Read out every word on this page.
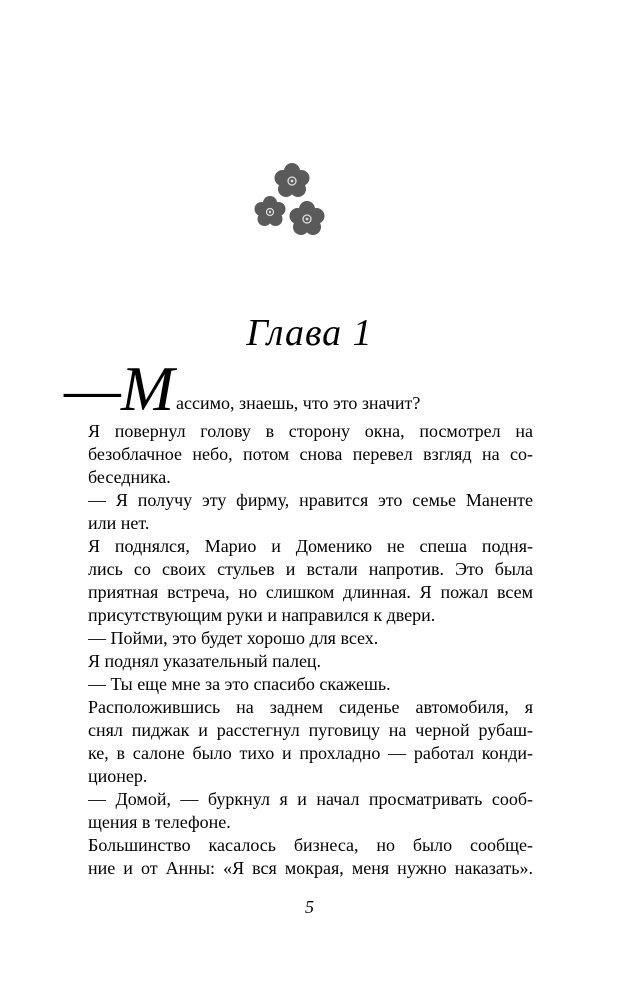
Глава 1
—М ассимо, знаешь, что это значит?
Я повернул голову в сторону окна, посмотрел на
безоблачное небо, потом снова перевел взгляд на со-
беседника.
— Я получу эту фирму, нравится это семье Маненте
или нет.
Я поднялся, Марио и Доменико не спеша подня-
лись со своих стульев и встали напротив. Это была
приятная встреча, но слишком длинная. Я пожал всем
присутствующим руки и направился к двери.
— Пойми, это будет хорошо для всех.
Я поднял указательный палец.
— Ты еще мне за это спасибо скажешь.
Расположившись на заднем сиденье автомобиля, я
снял пиджак и расстегнул пуговицу на черной рубаш-
ке, в салоне было тихо и прохладно — работал конди-
ционер.
— Домой, — буркнул я и начал просматривать сооб-
щения в телефоне.
Большинство касалось бизнеса, но было сообще-
ние и от Анны: «Я вся мокрая, меня нужно наказать».
5
